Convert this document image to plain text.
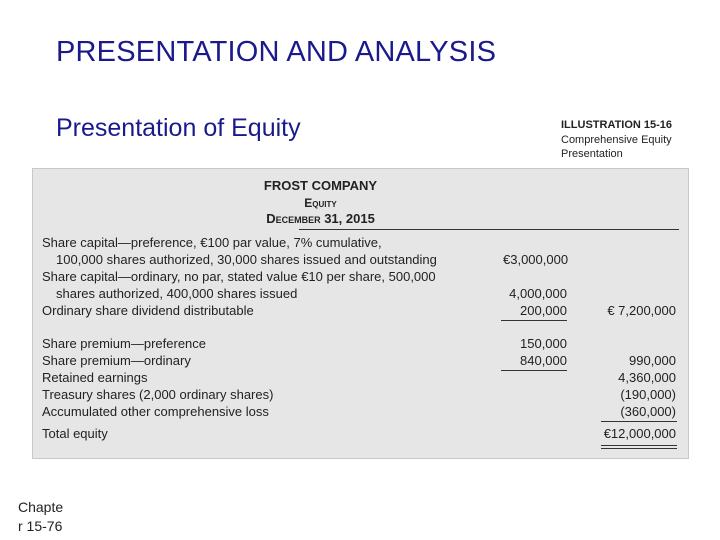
PRESENTATION AND ANALYSIS
Presentation of Equity	ILLUSTRATION 15-16
Comprehensive Equity Presentation
FROST COMPANY
Equity
December 31, 2015
Share capital—preference, €100 par value, 7% cumulative,
100,000 shares authorized, 30,000 shares issued and outstanding
Share capital—ordinary, no par, stated value €10 per share, 500,000
shares authorized, 400,000 shares issued
Ordinary share dividend distributable
Share premium—preference
Share premium—ordinary
Retained earnings
Treasury shares (2,000 ordinary shares)
Accumulated other comprehensive loss
Total equity
€3,000,000
4,000,000
200,000
150,000
840,000
€ 7,200,000
990,000
4,360,000
(190,000)
(360,000)
€12,000,000
Chapte
r 15-76
